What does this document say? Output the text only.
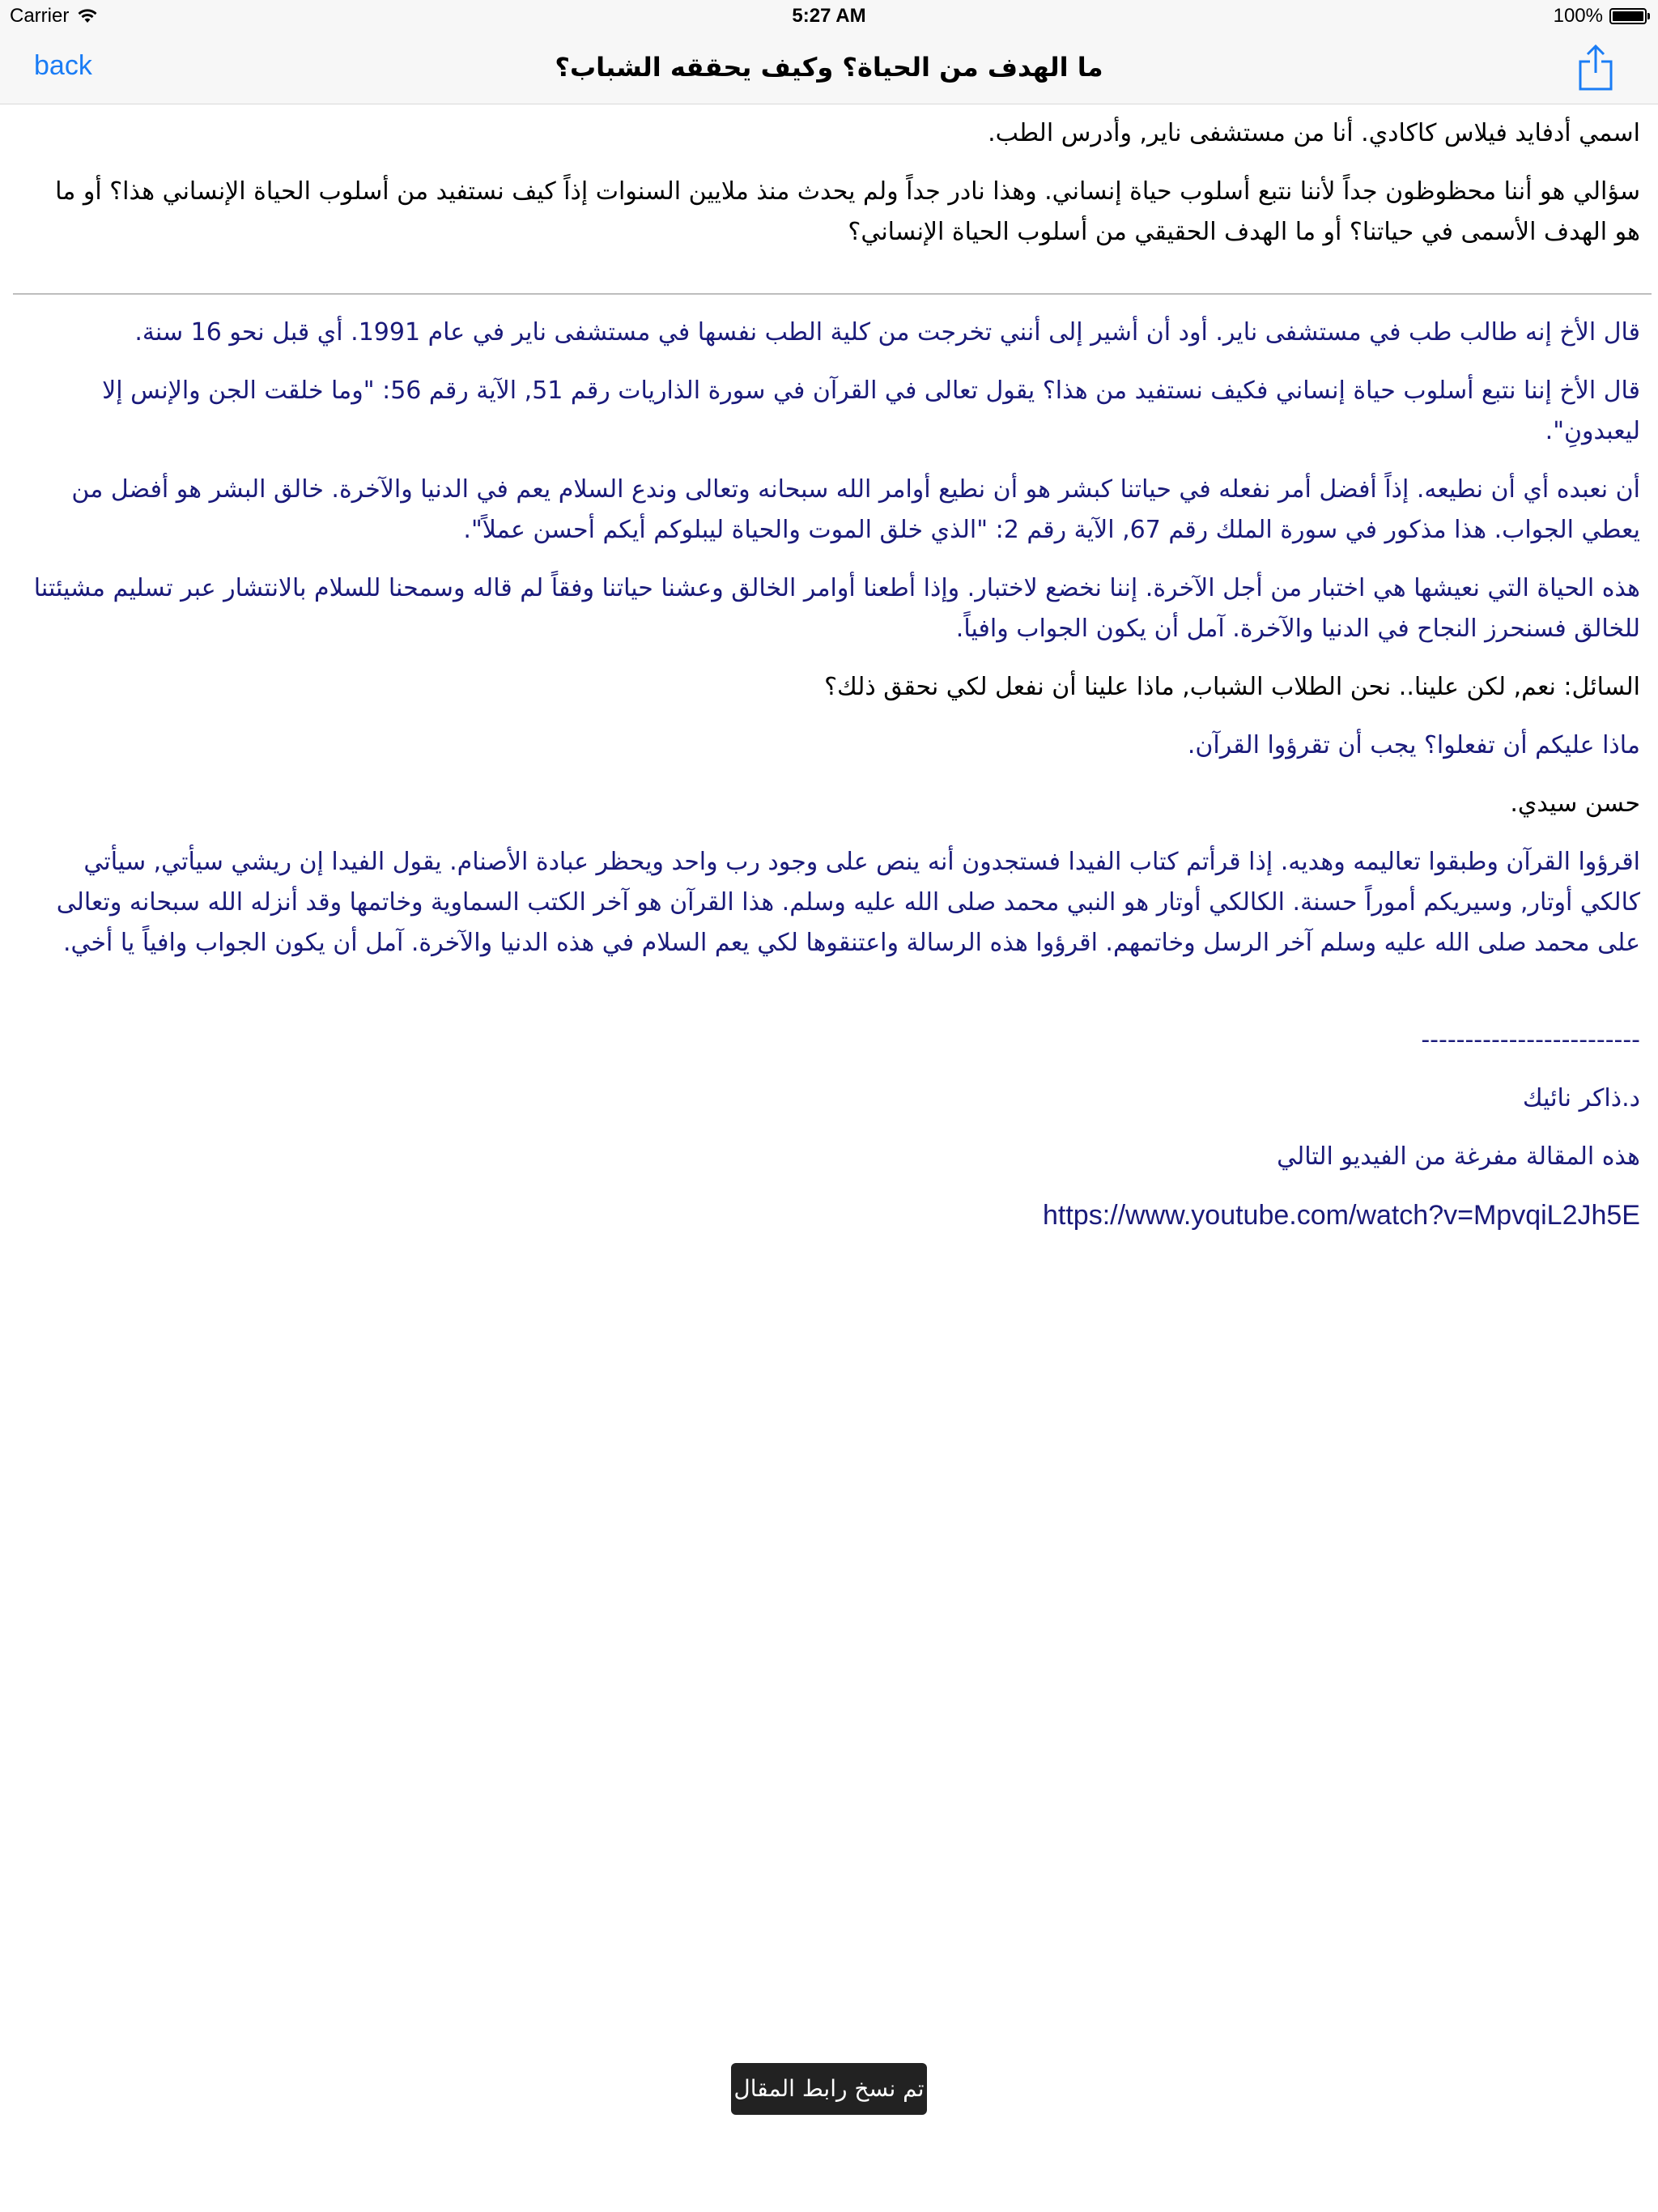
Carrier	5:27 AM	100%
back	ما الهدف من الحياة؟ وكيف يحققه الشباب؟

اسمي أدفايد فيلاس كاكادي. أنا من مستشفى ناير, وأدرس الطب.

سؤالي هو أننا محظوظون جداً لأننا نتبع أسلوب حياة إنساني. وهذا نادر جداً ولم يحدث منذ ملايين السنوات إذاً كيف نستفيد من أسلوب الحياة الإنساني هذا؟ أو ما هو الهدف الأسمى في حياتنا؟ أو ما الهدف الحقيقي من أسلوب الحياة الإنساني؟

قال الأخ إنه طالب طب في مستشفى ناير. أود أن أشير إلى أنني تخرجت من كلية الطب نفسها في مستشفى ناير في عام 1991. أي قبل نحو 16 سنة.

قال الأخ إننا نتبع أسلوب حياة إنساني فكيف نستفيد من هذا؟ يقول تعالى في القرآن في سورة الذاريات رقم 51, الآية رقم 56: "وما خلقت الجن والإنس إلا ليعبدونِ".

أن نعبده أي أن نطيعه. إذاً أفضل أمر نفعله في حياتنا كبشر هو أن نطيع أوامر الله سبحانه وتعالى وندع السلام يعم في الدنيا والآخرة. خالق البشر هو أفضل من يعطي الجواب. هذا مذكور في سورة الملك رقم 67, الآية رقم 2: "الذي خلق الموت والحياة ليبلوكم أيكم أحسن عملاً".

هذه الحياة التي نعيشها هي اختبار من أجل الآخرة. إننا نخضع لاختبار. وإذا أطعنا أوامر الخالق وعشنا حياتنا وفقاً لم قاله وسمحنا للسلام بالانتشار عبر تسليم مشيئتنا للخالق فسنحرز النجاح في الدنيا والآخرة. آمل أن يكون الجواب وافياً.

السائل: نعم, لكن علينا.. نحن الطلاب الشباب, ماذا علينا أن نفعل لكي نحقق ذلك؟

ماذا عليكم أن تفعلوا؟ يجب أن تقرؤوا القرآن.

حسن سيدي.

اقرؤوا القرآن وطبقوا تعاليمه وهديه. إذا قرأتم كتاب الفيدا فستجدون أنه ينص على وجود رب واحد ويحظر عبادة الأصنام. يقول الفيدا إن ريشي سيأتي, سيأتي كالكي أوتار, وسيريكم أموراً حسنة. الكالكي أوتار هو النبي محمد صلى الله عليه وسلم. هذا القرآن هو آخر الكتب السماوية وخاتمها وقد أنزله الله سبحانه وتعالى على محمد صلى الله عليه وسلم آخر الرسل وخاتمهم. اقرؤوا هذه الرسالة واعتنقوها لكي يعم السلام في هذه الدنيا والآخرة. آمل أن يكون الجواب وافياً يا أخي.

-------------------------

د.ذاكر نائيك

هذه المقالة مفرغة من الفيديو التالي

https://www.youtube.com/watch?v=MpvqiL2Jh5E

تم نسخ رابط المقال
